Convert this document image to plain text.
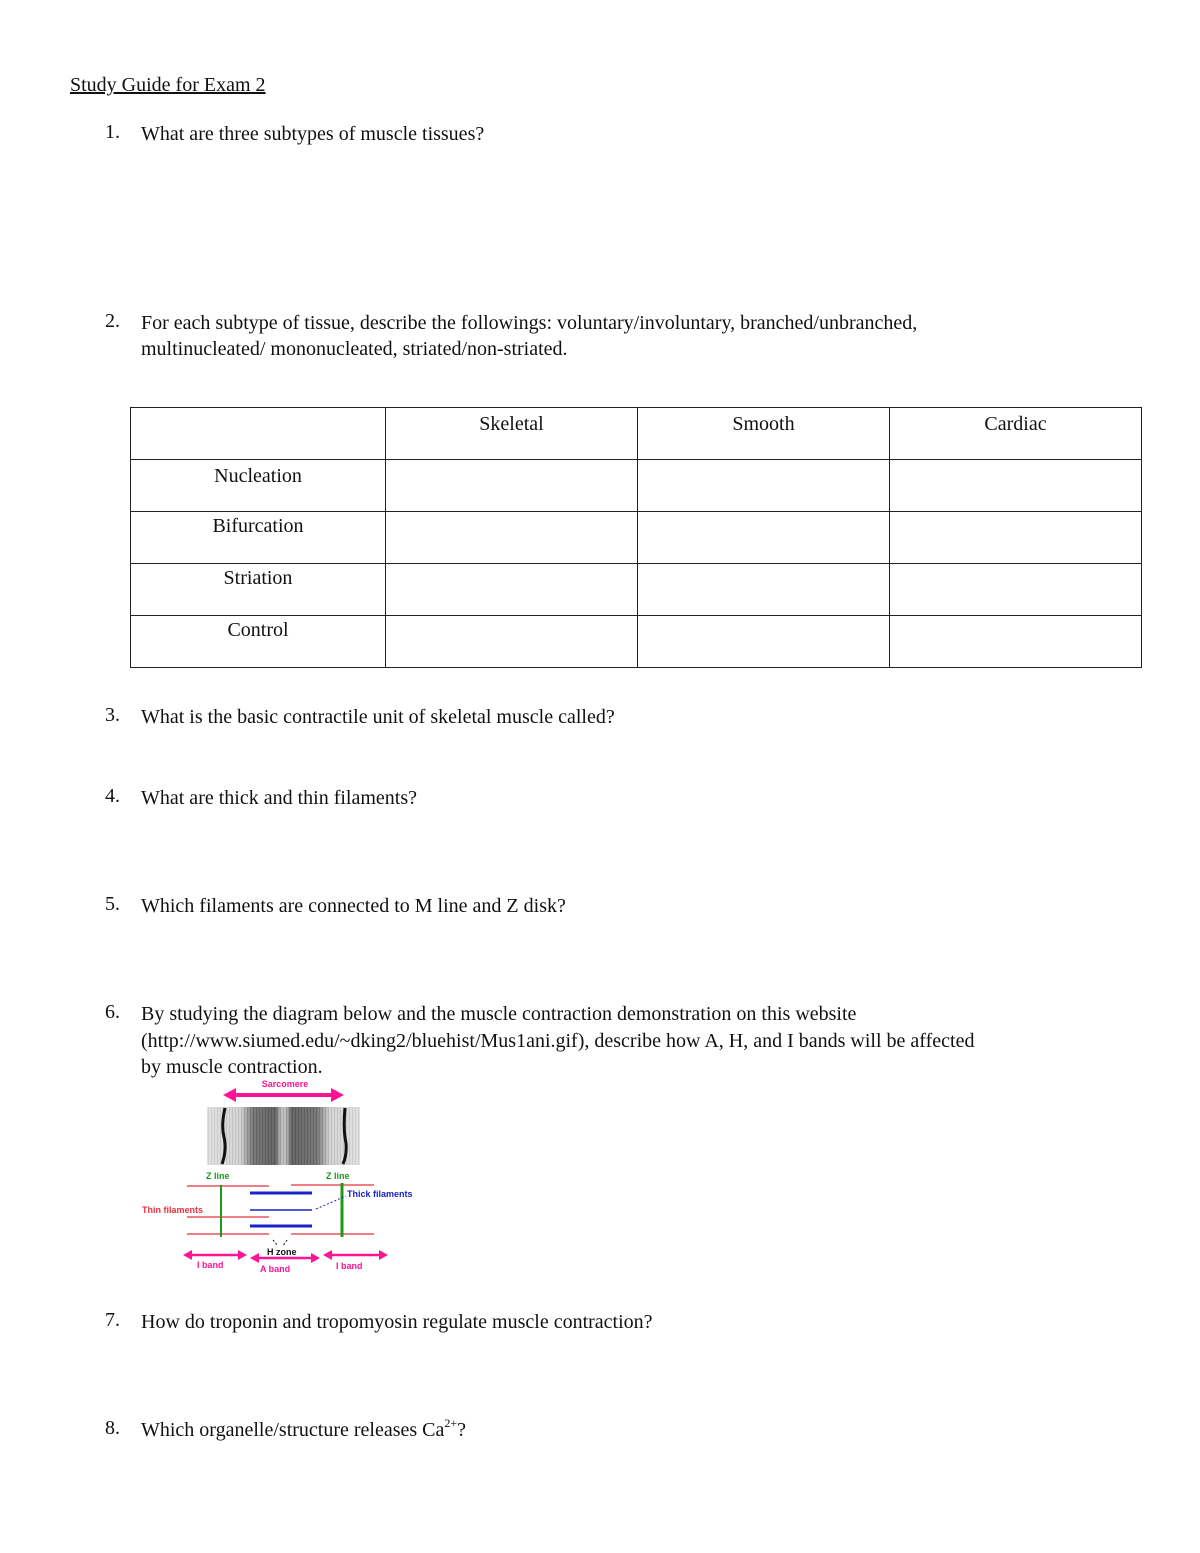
Study Guide for Exam 2
1. What are three subtypes of muscle tissues?
2. For each subtype of tissue, describe the followings: voluntary/involuntary, branched/unbranched,
multinucleated/ mononucleated, striated/non-striated.
	Skeletal	Smooth	Cardiac
Nucleation			
Bifurcation			
Striation			
Control			
3. What is the basic contractile unit of skeletal muscle called?
4. What are thick and thin filaments?
5. Which filaments are connected to M line and Z disk?
6. By studying the diagram below and the muscle contraction demonstration on this website
(http://www.siumed.edu/~dking2/bluehist/Mus1ani.gif), describe how A, H, and I bands will be affected
by muscle contraction.
Sarcomere
Z line	Z line
Thick filaments
Thin filaments
H zone
I band	A band	I band
7. How do troponin and tropomyosin regulate muscle contraction?
8. Which organelle/structure releases $Ca^{2+}$?
